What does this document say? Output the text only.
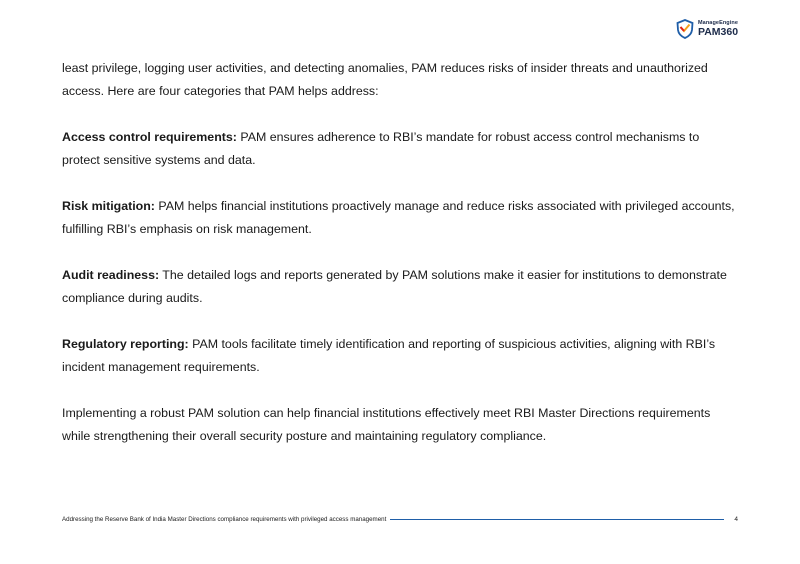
ManageEngine
PAM360

least privilege, logging user activities, and detecting anomalies, PAM reduces risks of insider threats and unauthorized access. Here are four categories that PAM helps address:

Access control requirements: PAM ensures adherence to RBI’s mandate for robust access control mechanisms to protect sensitive systems and data.

Risk mitigation: PAM helps financial institutions proactively manage and reduce risks associated with privileged accounts, fulfilling RBI’s emphasis on risk management.

Audit readiness: The detailed logs and reports generated by PAM solutions make it easier for institutions to demonstrate compliance during audits.

Regulatory reporting: PAM tools facilitate timely identification and reporting of suspicious activities, aligning with RBI’s incident management requirements.

Implementing a robust PAM solution can help financial institutions effectively meet RBI Master Directions requirements while strengthening their overall security posture and maintaining regulatory compliance.

Addressing the Reserve Bank of India Master Directions compliance requirements with privileged access management	4
